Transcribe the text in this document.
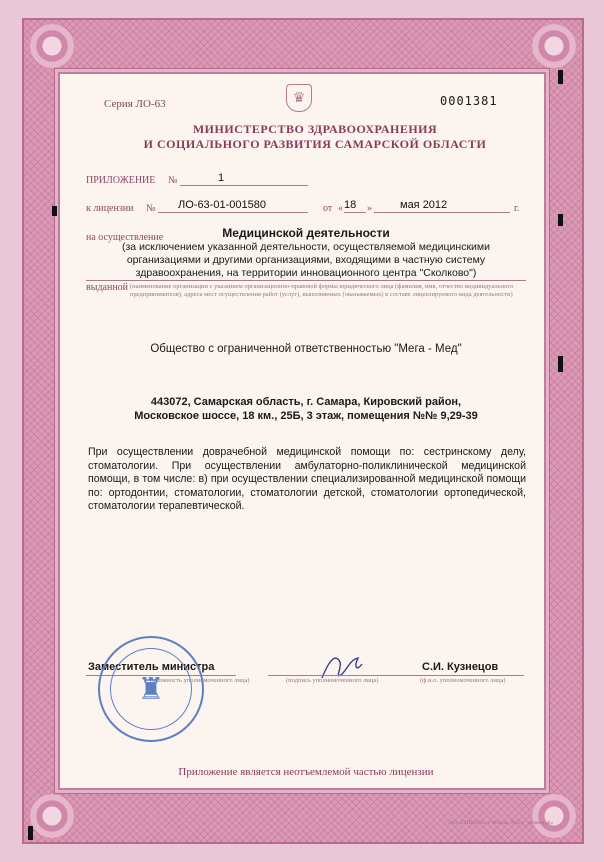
Серия ЛО-63	♛	0001381
МИНИСТЕРСТВО ЗДРАВООХРАНЕНИЯ
И СОЦИАЛЬНОГО РАЗВИТИЯ САМАРСКОЙ ОБЛАСТИ
ПРИЛОЖЕНИЕ №	1
к лицензии № ЛО-63-01-001580	от « 18 »	мая 2012	г.
на осуществление	Медицинской деятельности
(за исключением указанной деятельности, осуществляемой медицинскими организациями и другими организациями, входящими в частную систему здравоохранения, на территории инновационного центра "Сколково")
выданной (наименование организации с указанием организационно-правовой формы юридического лица (фамилия, имя, отчество индивидуального предпринимателя), адреса мест осуществления работ (услуг), выполняемых (оказываемых) в составе лицензируемого вида деятельности)
Общество с ограниченной ответственностью "Мега - Мед"
443072, Самарская область, г. Самара, Кировский район,
Московское шоссе, 18 км., 25Б, 3 этаж, помещения №№ 9,29-39
При осуществлении доврачебной медицинской помощи по: сестринскому делу, стоматологии. При осуществлении амбулаторно-поликлинической медицинской помощи, в том числе: в) при осуществлении специализированной медицинской помощи по: ортодонтии, стоматологии, стоматологии детской, стоматологии ортопедической, стоматологии терапевтической.
Заместитель министра
(должность уполномоченного лица)	(подпись уполномоченного лица)
С.И. Кузнецов
(ф.и.о. уполномоченного лица)
♜
Приложение является неотъемлемой частью лицензии
ЗАО «ОПЦИОН», г. Москва, 2012 г., уровень «Б»
